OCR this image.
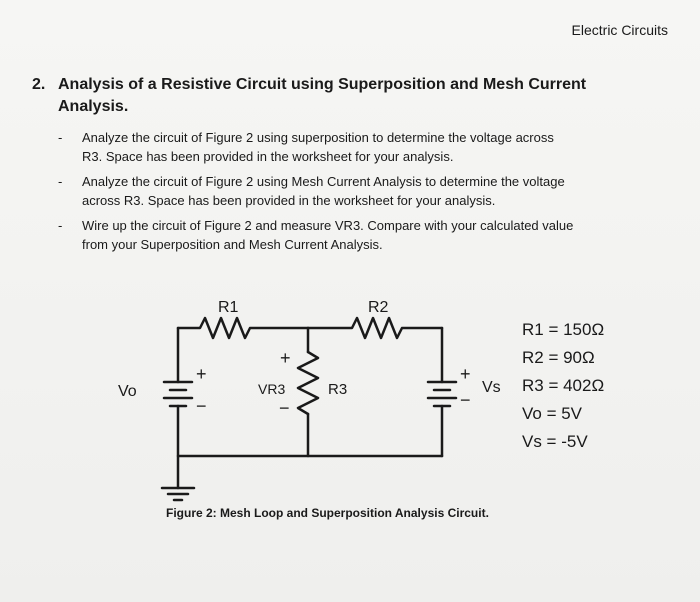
Electric Circuits
2. Analysis of a Resistive Circuit using Superposition and Mesh Current
Analysis.
- Analyze the circuit of Figure 2 using superposition to determine the voltage across
R3. Space has been provided in the worksheet for your analysis.
- Analyze the circuit of Figure 2 using Mesh Current Analysis to determine the voltage
across R3. Space has been provided in the worksheet for your analysis.
- Wire up the circuit of Figure 2 and measure VR3. Compare with your calculated value
from your Superposition and Mesh Current Analysis.
R1	R2
R3
VR3
+
−
Vo
+
−
Vs
+
−
R1 = 150Ω
R2 = 90Ω
R3 = 402Ω
Vo = 5V
Vs = -5V
Figure 2: Mesh Loop and Superposition Analysis Circuit.
